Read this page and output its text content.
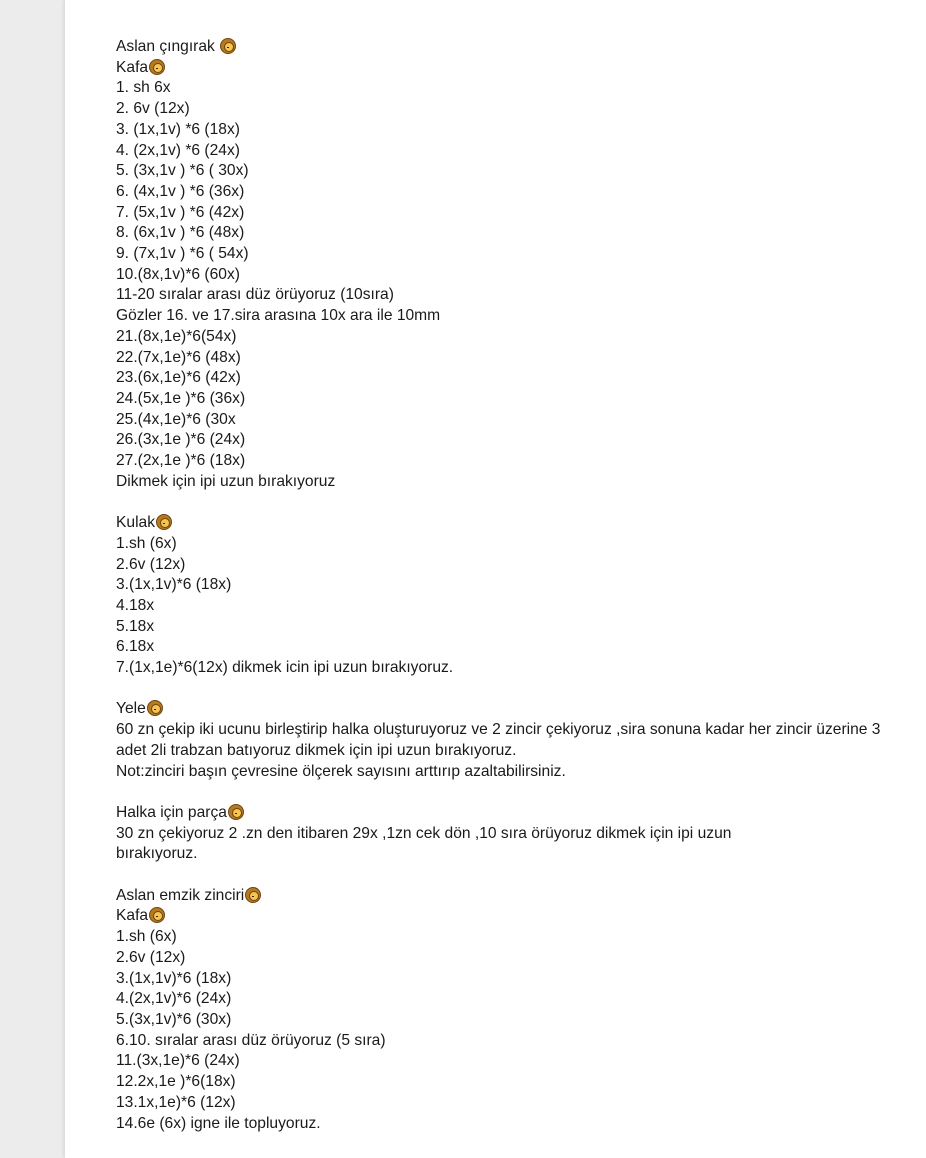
Aslan çıngırak
Kafa
1. sh 6x
2. 6v (12x)
3. (1x,1v) *6 (18x)
4. (2x,1v) *6 (24x)
5. (3x,1v ) *6 ( 30x)
6. (4x,1v ) *6 (36x)
7. (5x,1v ) *6 (42x)
8. (6x,1v ) *6 (48x)
9. (7x,1v ) *6 ( 54x)
10.(8x,1v)*6 (60x)
11-20 sıralar arası düz örüyoruz (10sıra)
Gözler 16. ve 17.sira arasına 10x ara ile 10mm
21.(8x,1e)*6(54x)
22.(7x,1e)*6 (48x)
23.(6x,1e)*6 (42x)
24.(5x,1e )*6 (36x)
25.(4x,1e)*6 (30x
26.(3x,1e )*6 (24x)
27.(2x,1e )*6 (18x)
Dikmek için ipi uzun bırakıyoruz
Kulak
1.sh (6x)
2.6v (12x)
3.(1x,1v)*6 (18x)
4.18x
5.18x
6.18x
7.(1x,1e)*6(12x) dikmek icin ipi uzun bırakıyoruz.
Yele
60 zn çekip iki ucunu birleştirip halka oluşturuyoruz ve 2 zincir çekiyoruz ,sira sonuna kadar her zincir üzerine 3 adet 2li trabzan batıyoruz dikmek için ipi uzun bırakıyoruz.
Not:zinciri başın çevresine ölçerek sayısını arttırıp azaltabilirsiniz.
Halka için parça
30 zn çekiyoruz 2 .zn den itibaren 29x ,1zn cek dön ,10 sıra örüyoruz dikmek için ipi uzun bırakıyoruz.
Aslan emzik zinciri
Kafa
1.sh (6x)
2.6v (12x)
3.(1x,1v)*6 (18x)
4.(2x,1v)*6 (24x)
5.(3x,1v)*6 (30x)
6.10. sıralar arası düz örüyoruz (5 sıra)
11.(3x,1e)*6 (24x)
12.2x,1e )*6(18x)
13.1x,1e)*6 (12x)
14.6e (6x) igne ile topluyoruz.
